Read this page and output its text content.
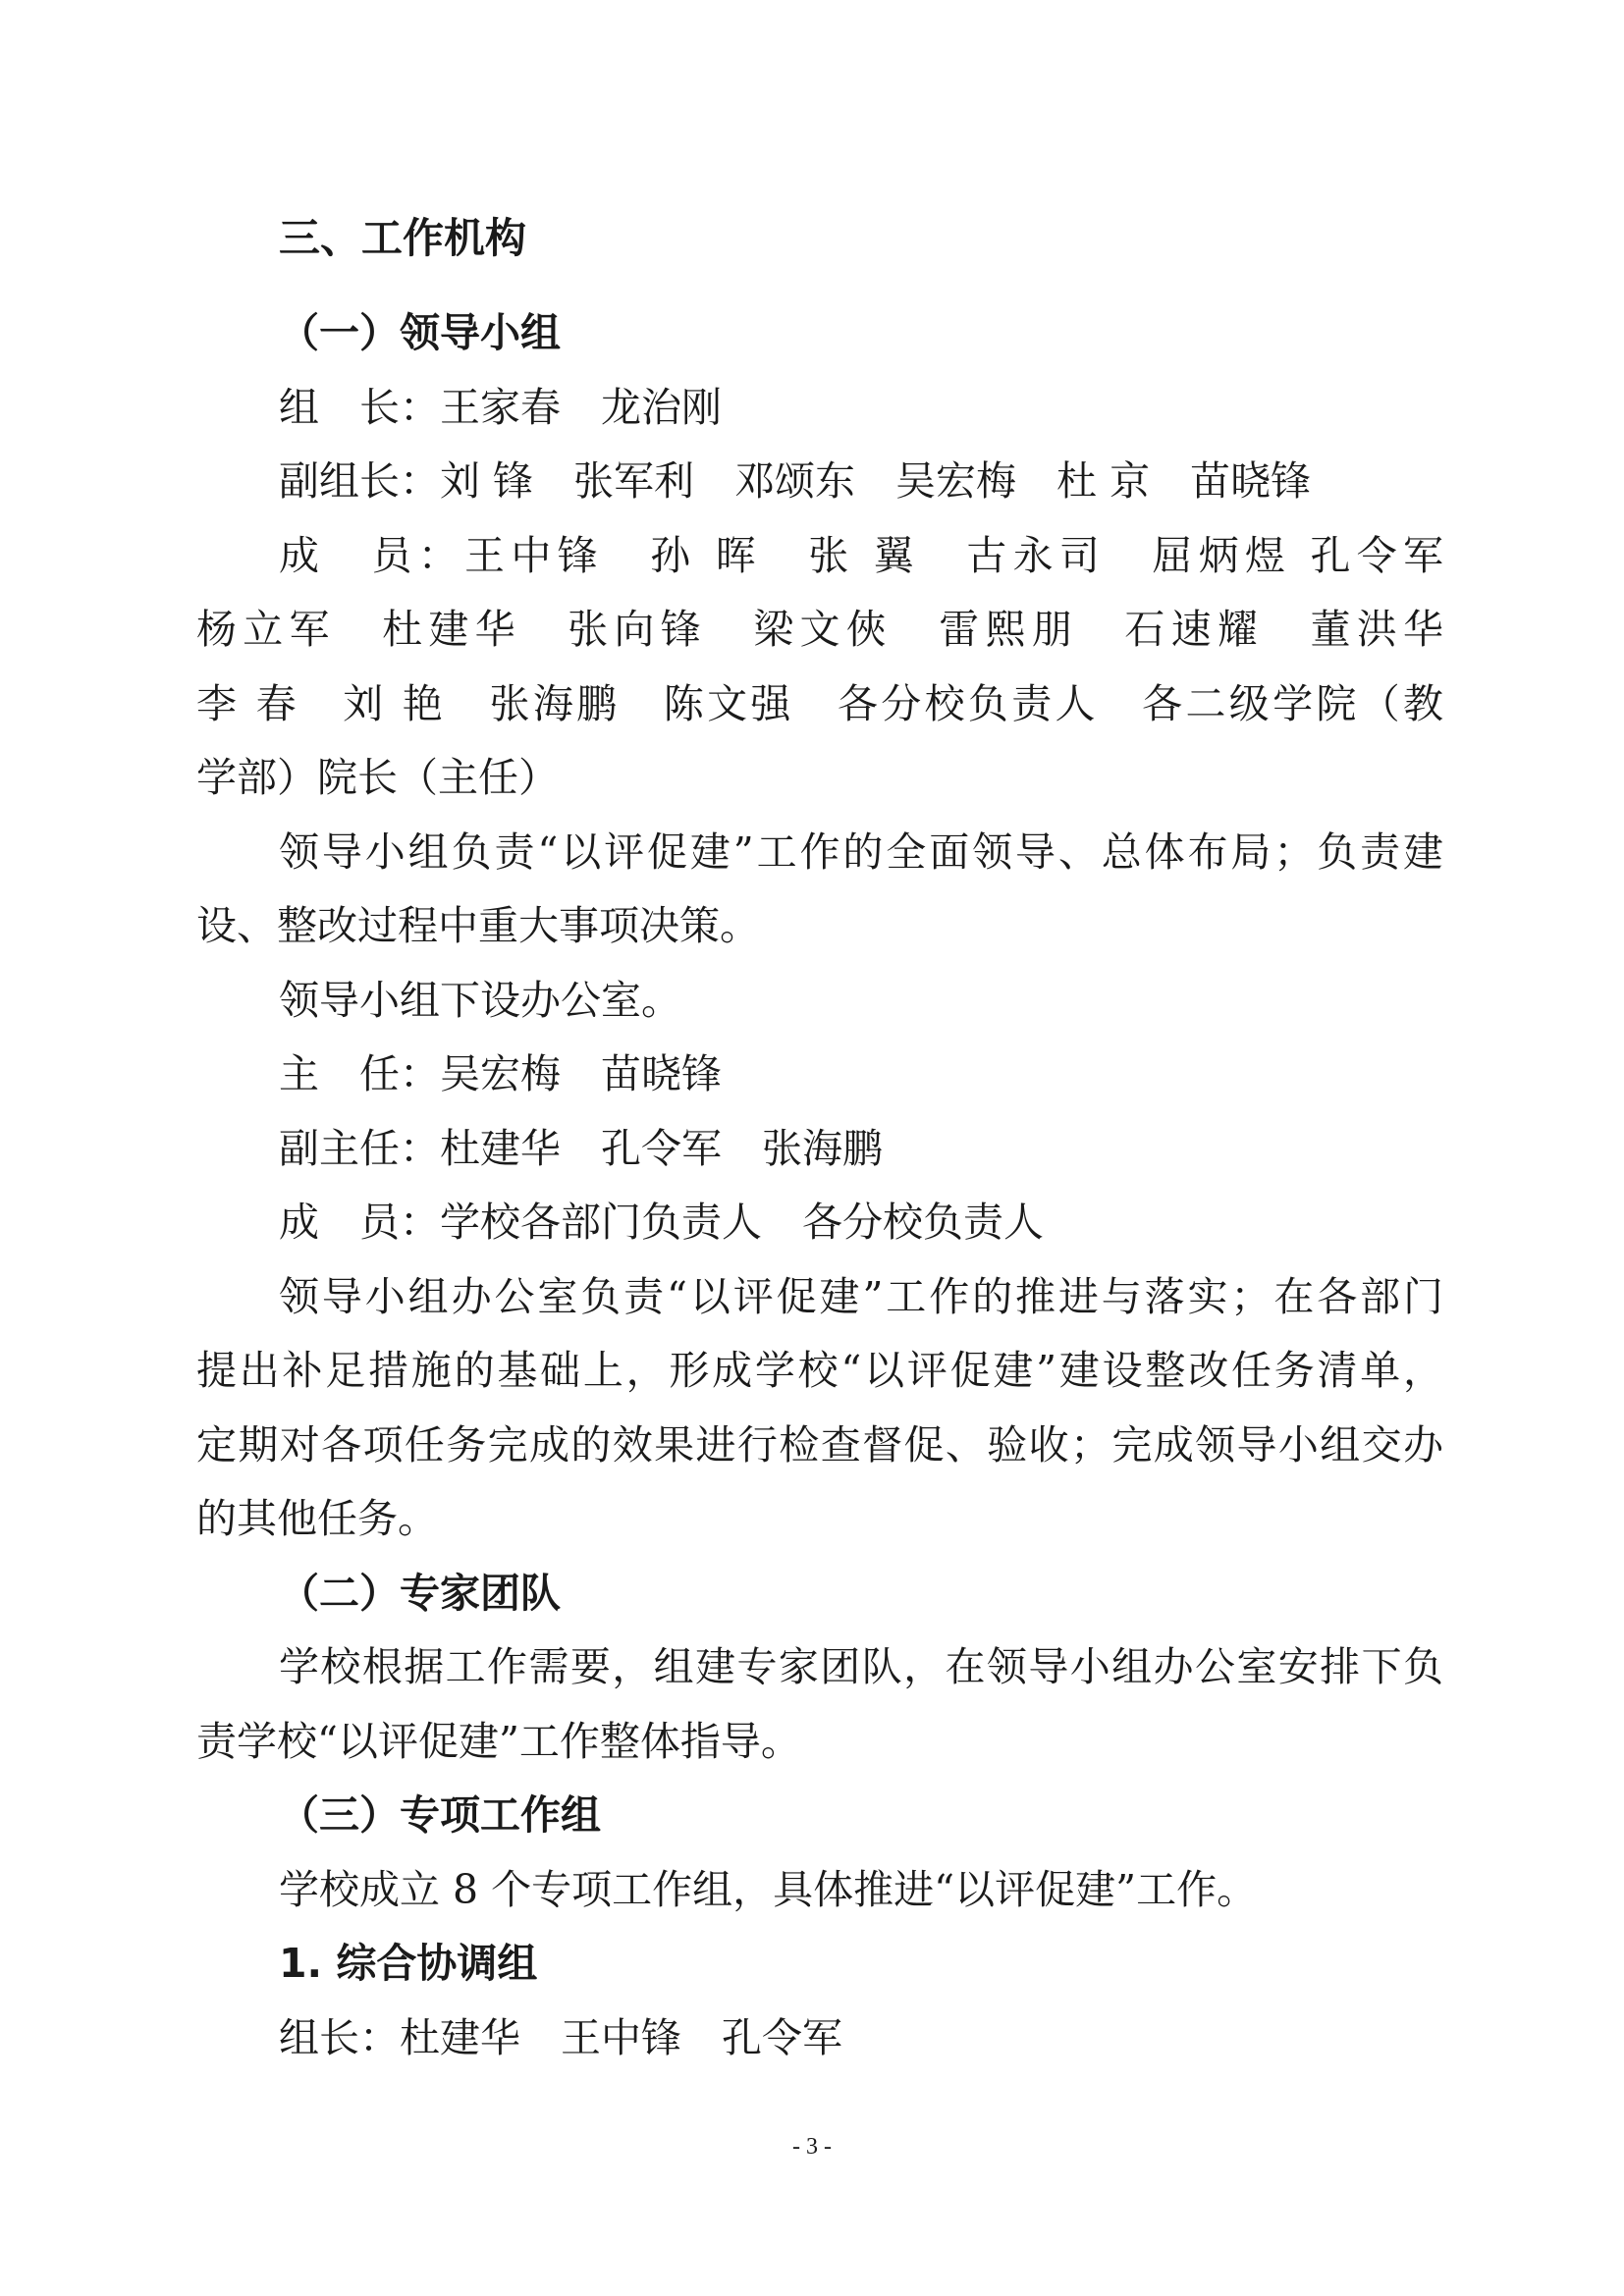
三、工作机构
（一）领导小组
组　长：王家春　龙治刚
副组长：刘 锋　张军利　邓颂东　吴宏梅　杜 京　苗晓锋
成　员：王中锋　孙 晖　张 翼　古永司　屈炳煜 孔令军
杨立军　杜建华　张向锋　梁文俠　雷熙朋　石速耀　董洪华
李 春　刘 艳　张海鹏　陈文强　各分校负责人　各二级学院（教
学部）院长（主任）
领导小组负责“以评促建”工作的全面领导、总体布局；负责建
设、整改过程中重大事项决策。
领导小组下设办公室。
主　任：吴宏梅　苗晓锋
副主任：杜建华　孔令军　张海鹏
成　员：学校各部门负责人　各分校负责人
领导小组办公室负责“以评促建”工作的推进与落实；在各部门
提出补足措施的基础上，形成学校“以评促建”建设整改任务清单，
定期对各项任务完成的效果进行检查督促、验收；完成领导小组交办
的其他任务。
（二）专家团队
学校根据工作需要，组建专家团队，在领导小组办公室安排下负
责学校“以评促建”工作整体指导。
（三）专项工作组
学校成立 8 个专项工作组，具体推进“以评促建”工作。
1. 综合协调组
组长：杜建华　王中锋　孔令军
- 3 -
